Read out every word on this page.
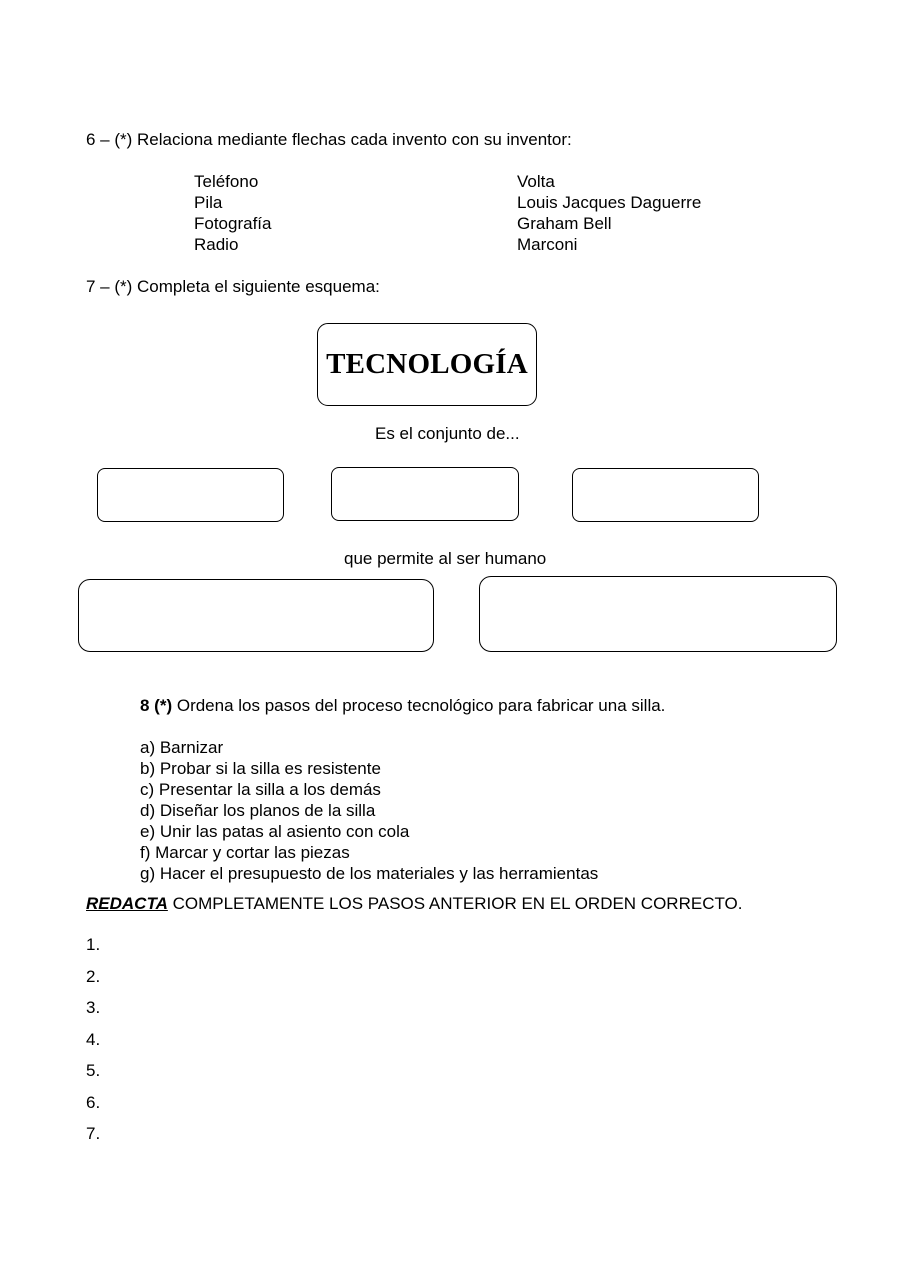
6 – (*) Relaciona mediante flechas cada invento con su inventor:
Teléfono
Pila
Fotografía
Radio
Volta
Louis Jacques Daguerre
Graham Bell
Marconi
7 – (*) Completa el siguiente esquema:
TECNOLOGÍA
Es el conjunto de...
que permite al ser humano
8 (*) Ordena los pasos del proceso tecnológico para fabricar una silla.
a) Barnizar
b) Probar si la silla es resistente
c) Presentar la silla a los demás
d) Diseñar los planos de la silla
e) Unir las patas al asiento con cola
f) Marcar y cortar las piezas
g) Hacer el presupuesto de los materiales y las herramientas
REDACTA COMPLETAMENTE LOS PASOS ANTERIOR EN EL ORDEN CORRECTO.
1.
2.
3.
4.
5.
6.
7.
